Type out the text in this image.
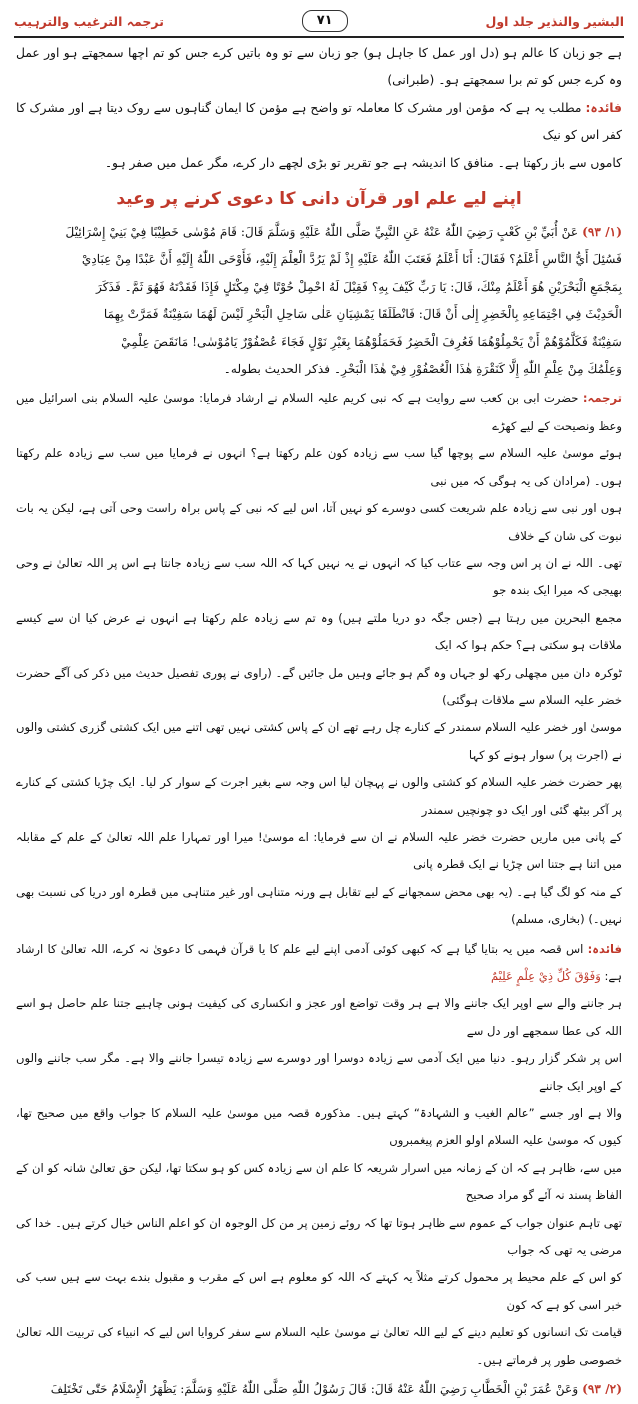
ترجمہ الترغیب والترہیب	۷۱	البشیر والنذیر جلد اول

ہے جو زبان کا عالم ہو (دل اور عمل کا جاہل ہو) جو زبان سے تو وہ باتیں کرے جس کو تم اچھا سمجھتے ہو اور عمل وہ کرے جس کو تم برا سمجھتے ہو۔ (طبرانی)

فائدہ: مطلب یہ ہے کہ مؤمن اور مشرک کا معاملہ تو واضح ہے مؤمن کا ایمان گناہوں سے روک دیتا ہے اور مشرک کا کفر اس کو نیک

کاموں سے باز رکھتا ہے۔ منافق کا اندیشہ ہے جو تقریر تو بڑی لچھے دار کرے، مگر عمل میں صفر ہو۔

اپنے لیے علم اور قرآن دانی کا دعوی کرنے پر وعید

(۱/ ۹۳) عَنْ أُبَيِّ بْنِ كَعْبٍ رَضِيَ اللّٰهُ عَنْهُ عَنِ النَّبِيِّ صَلَّى اللّٰهُ عَلَيْهِ وَسَلَّمَ قَالَ: قَامَ مُوْسٰى خَطِيْبًا فِيْ بَنِيْ إِسْرَائِيْلَ

فَسُئِلَ أَيُّ النَّاسِ أَعْلَمُ؟ فَقَالَ: أَنَا أَعْلَمُ فَعَتَبَ اللّٰهُ عَلَيْهِ إِذْ لَمْ يَرُدَّ الْعِلْمَ إِلَيْهِ، فَأَوْحَى اللّٰهُ إِلَيْهِ أَنَّ عَبْدًا مِنْ عِبَادِيْ

بِمَجْمَعِ الْبَحْرَيْنِ هُوَ أَعْلَمُ مِنْكَ، قَالَ: يَا رَبِّ كَيْفَ بِهِ؟ فَقِيْلَ لَهُ احْمِلْ حُوْتًا فِيْ مِكْتَلٍ فَإِذَا فَقَدْتَهُ فَهُوَ ثَمَّ۔ فَذَكَرَ

الْحَدِيْثَ فِي اجْتِمَاعِهِ بِالْخَضِرِ إِلٰى أَنْ قَالَ: فَانْطَلَقَا يَمْشِيَانِ عَلٰى سَاحِلِ الْبَحْرِ لَيْسَ لَهُمَا سَفِيْنَةٌ فَمَرَّتْ بِهِمَا

سَفِيْنَةٌ فَكَلَّمُوْهُمْ أَنْ يَحْمِلُوْهُمَا فَعُرِفَ الْخَضِرُ فَحَمَلُوْهُمَا بِغَيْرِ نَوْلٍ فَجَاءَ عُصْفُوْرٌ يَامُوْسٰى! مَانَقَصَ عِلْمِيْ

وَعِلْمُكَ مِنْ عِلْمِ اللّٰهِ إِلَّا كَنَقْرَةِ هٰذَا الْعُصْفُوْرِ فِيْ هٰذَا الْبَحْرِ۔ فذكر الحديث بطوله۔

ترجمہ: حضرت ابی بن کعب سے روایت ہے کہ نبی کریم علیہ السلام نے ارشاد فرمایا: موسیٰ علیہ السلام بنی اسرائیل میں وعظ ونصیحت کے لیے کھڑے

ہوئے موسیٰ علیہ السلام سے پوچھا گیا سب سے زیادہ کون علم رکھتا ہے؟ انہوں نے فرمایا میں سب سے زیادہ علم رکھتا ہوں۔ (مرادان کی یہ ہوگی کہ میں نبی

ہوں اور نبی سے زیادہ علم شریعت کسی دوسرے کو نہیں آتا، اس لیے کہ نبی کے پاس براہ راست وحی آتی ہے، لیکن یہ بات نبوت کی شان کے خلاف

تھی۔ اللہ نے ان پر اس وجہ سے عتاب کیا کہ انہوں نے یہ نہیں کہا کہ اللہ سب سے زیادہ جانتا ہے اس پر اللہ تعالیٰ نے وحی بھیجی کہ میرا ایک بندہ جو

مجمع البحرین میں رہتا ہے (جس جگہ دو دریا ملتے ہیں) وہ تم سے زیادہ علم رکھتا ہے انہوں نے عرض کیا ان سے کیسے ملاقات ہو سکتی ہے؟ حکم ہوا کہ ایک

ٹوکرہ دان میں مچھلی رکھ لو جہاں وہ گم ہو جائے وہیں مل جائیں گے۔ (راوی نے پوری تفصیل حدیث میں ذکر کی آگے حضرت خضر علیہ السلام سے ملاقات ہوگئی)

موسیٰ اور خضر علیہ السلام سمندر کے کنارے چل رہے تھے ان کے پاس کشتی نہیں تھی اتنے میں ایک کشتی گزری کشتی والوں نے (اجرت پر) سوار ہونے کو کہا

پھر حضرت خضر علیہ السلام کو کشتی والوں نے پہچان لیا اس وجہ سے بغیر اجرت کے سوار کر لیا۔ ایک چڑیا کشتی کے کنارے پر آکر بیٹھ گئی اور ایک دو چونچیں سمندر

کے پانی میں ماریں حضرت خضر علیہ السلام نے ان سے فرمایا: اے موسیٰ! میرا اور تمہارا علم اللہ تعالیٰ کے علم کے مقابلہ میں اتنا ہے جتنا اس چڑیا نے ایک قطرہ پانی

کے منہ کو لگ گیا ہے۔ (یہ بھی محض سمجھانے کے لیے تقابل ہے ورنہ متناہی اور غیر متناہی میں قطرہ اور دریا کی نسبت بھی نہیں۔) (بخاری، مسلم)

فائدہ: اس قصہ میں یہ بتایا گیا ہے کہ کبھی کوئی آدمی اپنے لیے علم کا یا قرآن فہمی کا دعویٰ نہ کرے، اللہ تعالیٰ کا ارشاد ہے: وَفَوْقَ كُلِّ ذِيْ عِلْمٍ عَلِيْمٌ

ہر جاننے والے سے اوپر ایک جاننے والا ہے ہر وقت تواضع اور عجز و انکساری کی کیفیت ہونی چاہیے جتنا علم حاصل ہو اسے اللہ کی عطا سمجھے اور دل سے

اس پر شکر گزار رہو۔ دنیا میں ایک آدمی سے زیادہ دوسرا اور دوسرے سے زیادہ تیسرا جاننے والا ہے۔ مگر سب جاننے والوں کے اوپر ایک جاننے

والا ہے اور جسے ”عالم الغیب و الشہادۃ“ کہتے ہیں۔ مذکورہ قصہ میں موسیٰ علیہ السلام کا جواب واقع میں صحیح تھا، کیوں کہ موسیٰ علیہ السلام اولو العزم پیغمبروں

میں سے، ظاہر ہے کہ ان کے زمانہ میں اسرار شریعہ کا علم ان سے زیادہ کس کو ہو سکتا تھا، لیکن حق تعالیٰ شانہ کو ان کے الفاظ پسند نہ آئے گو مراد صحیح

تھی تاہم عنوان جواب کے عموم سے ظاہر ہوتا تھا کہ روئے زمین پر من کل الوجوہ ان کو اعلم الناس خیال کرتے ہیں۔ خدا کی مرضی یہ تھی کہ جواب

کو اس کے علم محیط پر محمول کرتے مثلاً یہ کہتے کہ اللہ کو معلوم ہے اس کے مقرب و مقبول بندے بہت سے ہیں سب کی خبر اسی کو ہے کہ کون

قیامت تک انسانوں کو تعلیم دینے کے لیے اللہ تعالیٰ نے موسیٰ علیہ السلام سے سفر کروایا اس لیے کہ انبیاء کی تربیت اللہ تعالیٰ خصوصی طور پر فرماتے ہیں۔

(۲/ ۹۳) وَعَنْ عُمَرَ بْنِ الْخَطَّابِ رَضِيَ اللّٰهُ عَنْهُ قَالَ: قَالَ رَسُوْلُ اللّٰهِ صَلَّى اللّٰهُ عَلَيْهِ وَسَلَّمَ: يَظْهَرُ الْإِسْلَامُ حَتّٰى تَخْتَلِفَ
